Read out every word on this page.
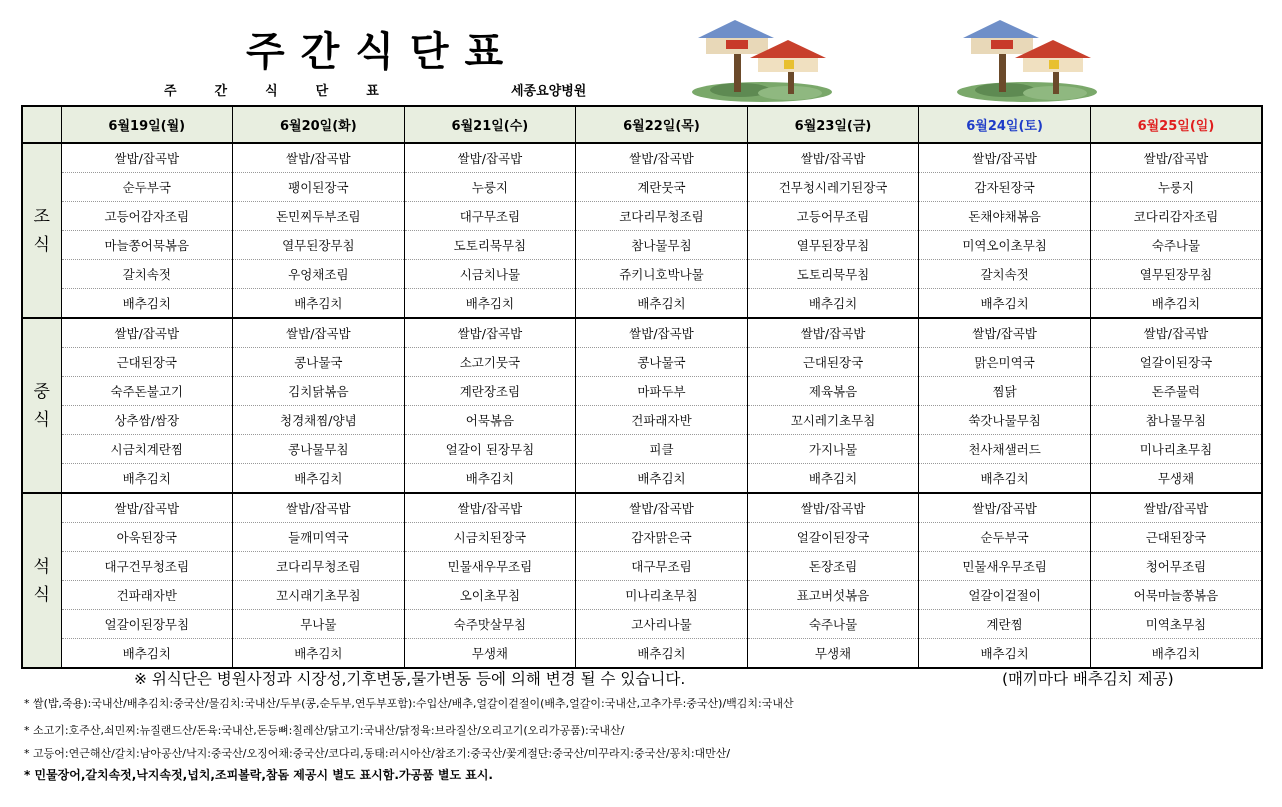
주간식단표
주간식단표	세종요양병원
	6월19일(월)	6월20일(화)	6월21일(수)	6월22일(목)	6월23일(금)	6월24일(토)	6월25일(일)
조
식	쌀밥/잡곡밥	쌀밥/잡곡밥	쌀밥/잡곡밥	쌀밥/잡곡밥	쌀밥/잡곡밥	쌀밥/잡곡밥	쌀밥/잡곡밥
	순두부국	팽이된장국	누룽지	계란뭇국	건무청시레기된장국	감자된장국	누룽지
	고등어감자조림	돈민찌두부조림	대구무조림	코다리무청조림	고등어무조림	돈채야채볶음	코다리감자조림
	마늘쫑어묵볶음	열무된장무침	도토리묵무침	참나물무침	열무된장무침	미역오이초무침	숙주나물
	갈치속젓	우엉채조림	시금치나물	쥬키니호박나물	도토리묵무침	갈치속젓	열무된장무침
	배추김치	배추김치	배추김치	배추김치	배추김치	배추김치	배추김치
중
식	쌀밥/잡곡밥	쌀밥/잡곡밥	쌀밥/잡곡밥	쌀밥/잡곡밥	쌀밥/잡곡밥	쌀밥/잡곡밥	쌀밥/잡곡밥
	근대된장국	콩나물국	소고기뭇국	콩나물국	근대된장국	맑은미역국	얼갈이된장국
	숙주돈불고기	김치닭볶음	계란장조림	마파두부	제육볶음	찜닭	돈주물럭
	상추쌈/쌈장	청경채찜/양념	어묵볶음	건파래자반	꼬시레기초무침	쑥갓나물무침	참나물무침
	시금치계란찜	콩나물무침	얼갈이 된장무침	피클	가지나물	천사채샐러드	미나리초무침
	배추김치	배추김치	배추김치	배추김치	배추김치	배추김치	무생채
석
식	쌀밥/잡곡밥	쌀밥/잡곡밥	쌀밥/잡곡밥	쌀밥/잡곡밥	쌀밥/잡곡밥	쌀밥/잡곡밥	쌀밥/잡곡밥
	아욱된장국	들깨미역국	시금치된장국	감자맑은국	얼갈이된장국	순두부국	근대된장국
	대구건무청조림	코다리무청조림	민물새우무조림	대구무조림	돈장조림	민물새우무조림	청어무조림
	건파래자반	꼬시래기초무침	오이초무침	미나리초무침	표고버섯볶음	얼갈이겉절이	어묵마늘쫑볶음
	얼갈이된장무침	무나물	숙주맛살무침	고사리나물	숙주나물	계란찜	미역초무침
	배추김치	배추김치	무생채	배추김치	무생채	배추김치	배추김치
※ 위식단은 병원사정과 시장성,기후변동,물가변동 등에 의해 변경 될 수 있습니다.	(매끼마다 배추김치 제공)
* 쌀(밥,죽용):국내산/배추김치:중국산/물김치:국내산/두부(콩,순두부,연두부포함):수입산/배추,얼갈이겉절이(배추,얼갈이:국내산,고추가루:중국산)/백김치:국내산
* 소고기:호주산,쇠민찌:뉴질랜드산/돈육:국내산,돈등뼈:칠레산/닭고기:국내산/닭정육:브라질산/오리고기(오리가공품):국내산/
* 고등어:연근해산/갈치:남아공산/낙지:중국산/오징어채:중국산/코다리,동태:러시아산/참조기:중국산/꽃게절단:중국산/미꾸라지:중국산/꽁치:대만산/
* 민물장어,갈치속젓,낙지속젓,넙치,조피볼락,참돔 제공시 별도 표시함.가공품 별도 표시.
